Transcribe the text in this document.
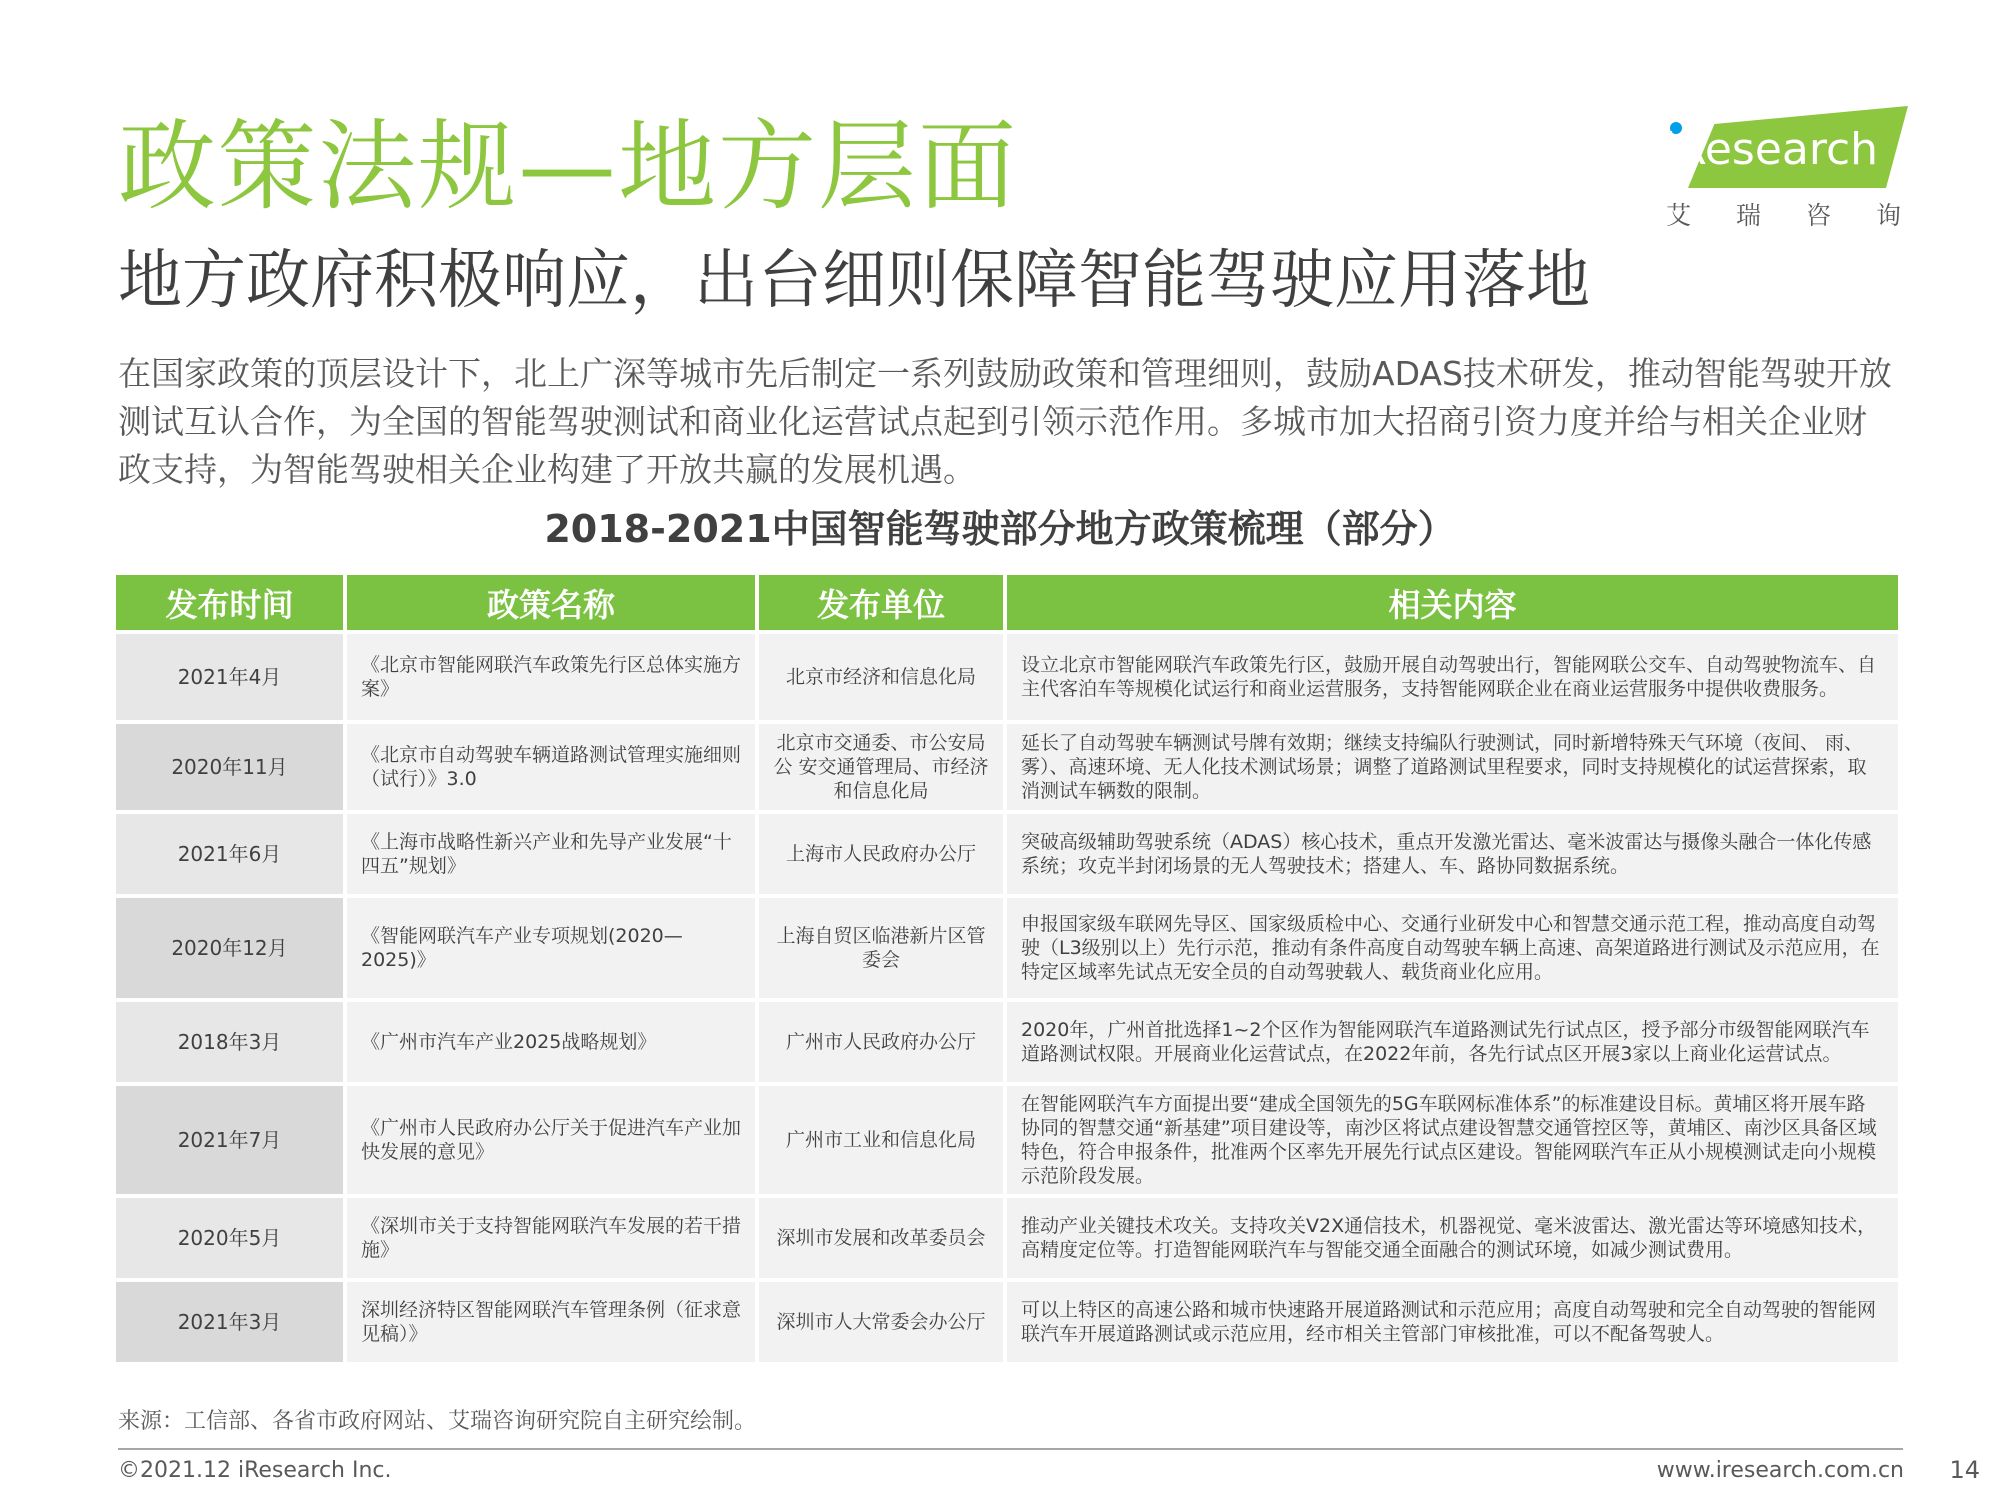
政策法规—地方层面
地方政府积极响应，出台细则保障智能驾驶应用落地
iResearch
艾瑞咨询

在国家政策的顶层设计下，北上广深等城市先后制定一系列鼓励政策和管理细则，鼓励ADAS技术研发，推动智能驾驶开放测试互认合作，为全国的智能驾驶测试和商业化运营试点起到引领示范作用。多城市加大招商引资力度并给与相关企业财政支持，为智能驾驶相关企业构建了开放共赢的发展机遇。

2018-2021中国智能驾驶部分地方政策梳理（部分）
发布时间	政策名称	发布单位	相关内容
2021年4月	《北京市智能网联汽车政策先行区总体实施方案》	北京市经济和信息化局	设立北京市智能网联汽车政策先行区，鼓励开展自动驾驶出行，智能网联公交车、自动驾驶物流车、自主代客泊车等规模化试运行和商业运营服务，支持智能网联企业在商业运营服务中提供收费服务。
2020年11月	《北京市自动驾驶车辆道路测试管理实施细则（试行）》3.0	北京市交通委、市公安局公 安交通管理局、市经济和信息化局	延长了自动驾驶车辆测试号牌有效期；继续支持编队行驶测试，同时新增特殊天气环境（夜间、 雨、雾）、高速环境、无人化技术测试场景；调整了道路测试里程要求，同时支持规模化的试运营探索，取消测试车辆数的限制。
2021年6月	《上海市战略性新兴产业和先导产业发展“十四五”规划》	上海市人民政府办公厅	突破高级辅助驾驶系统（ADAS）核心技术，重点开发激光雷达、毫米波雷达与摄像头融合一体化传感系统；攻克半封闭场景的无人驾驶技术；搭建人、车、路协同数据系统。
2020年12月	《智能网联汽车产业专项规划(2020—2025)》	上海自贸区临港新片区管委会	申报国家级车联网先导区、国家级质检中心、交通行业研发中心和智慧交通示范工程，推动高度自动驾驶（L3级别以上）先行示范，推动有条件高度自动驾驶车辆上高速、高架道路进行测试及示范应用，在特定区域率先试点无安全员的自动驾驶载人、载货商业化应用。
2018年3月	《广州市汽车产业2025战略规划》	广州市人民政府办公厅	2020年，广州首批选择1~2个区作为智能网联汽车道路测试先行试点区，授予部分市级智能网联汽车道路测试权限。开展商业化运营试点，在2022年前，各先行试点区开展3家以上商业化运营试点。
2021年7月	《广州市人民政府办公厅关于促进汽车产业加快发展的意见》	广州市工业和信息化局	在智能网联汽车方面提出要“建成全国领先的5G车联网标准体系”的标准建设目标。黄埔区将开展车路协同的智慧交通“新基建”项目建设等，南沙区将试点建设智慧交通管控区等，黄埔区、南沙区具备区域特色，符合申报条件，批准两个区率先开展先行试点区建设。智能网联汽车正从小规模测试走向小规模示范阶段发展。
2020年5月	《深圳市关于支持智能网联汽车发展的若干措施》	深圳市发展和改革委员会	推动产业关键技术攻关。支持攻关V2X通信技术，机器视觉、毫米波雷达、激光雷达等环境感知技术，高精度定位等。打造智能网联汽车与智能交通全面融合的测试环境，如减少测试费用。
2021年3月	深圳经济特区智能网联汽车管理条例（征求意见稿）》	深圳市人大常委会办公厅	可以上特区的高速公路和城市快速路开展道路测试和示范应用；高度自动驾驶和完全自动驾驶的智能网联汽车开展道路测试或示范应用，经市相关主管部门审核批准，可以不配备驾驶人。
来源：工信部、各省市政府网站、艾瑞咨询研究院自主研究绘制。
©2021.12 iResearch Inc.	www.iresearch.com.cn 14
